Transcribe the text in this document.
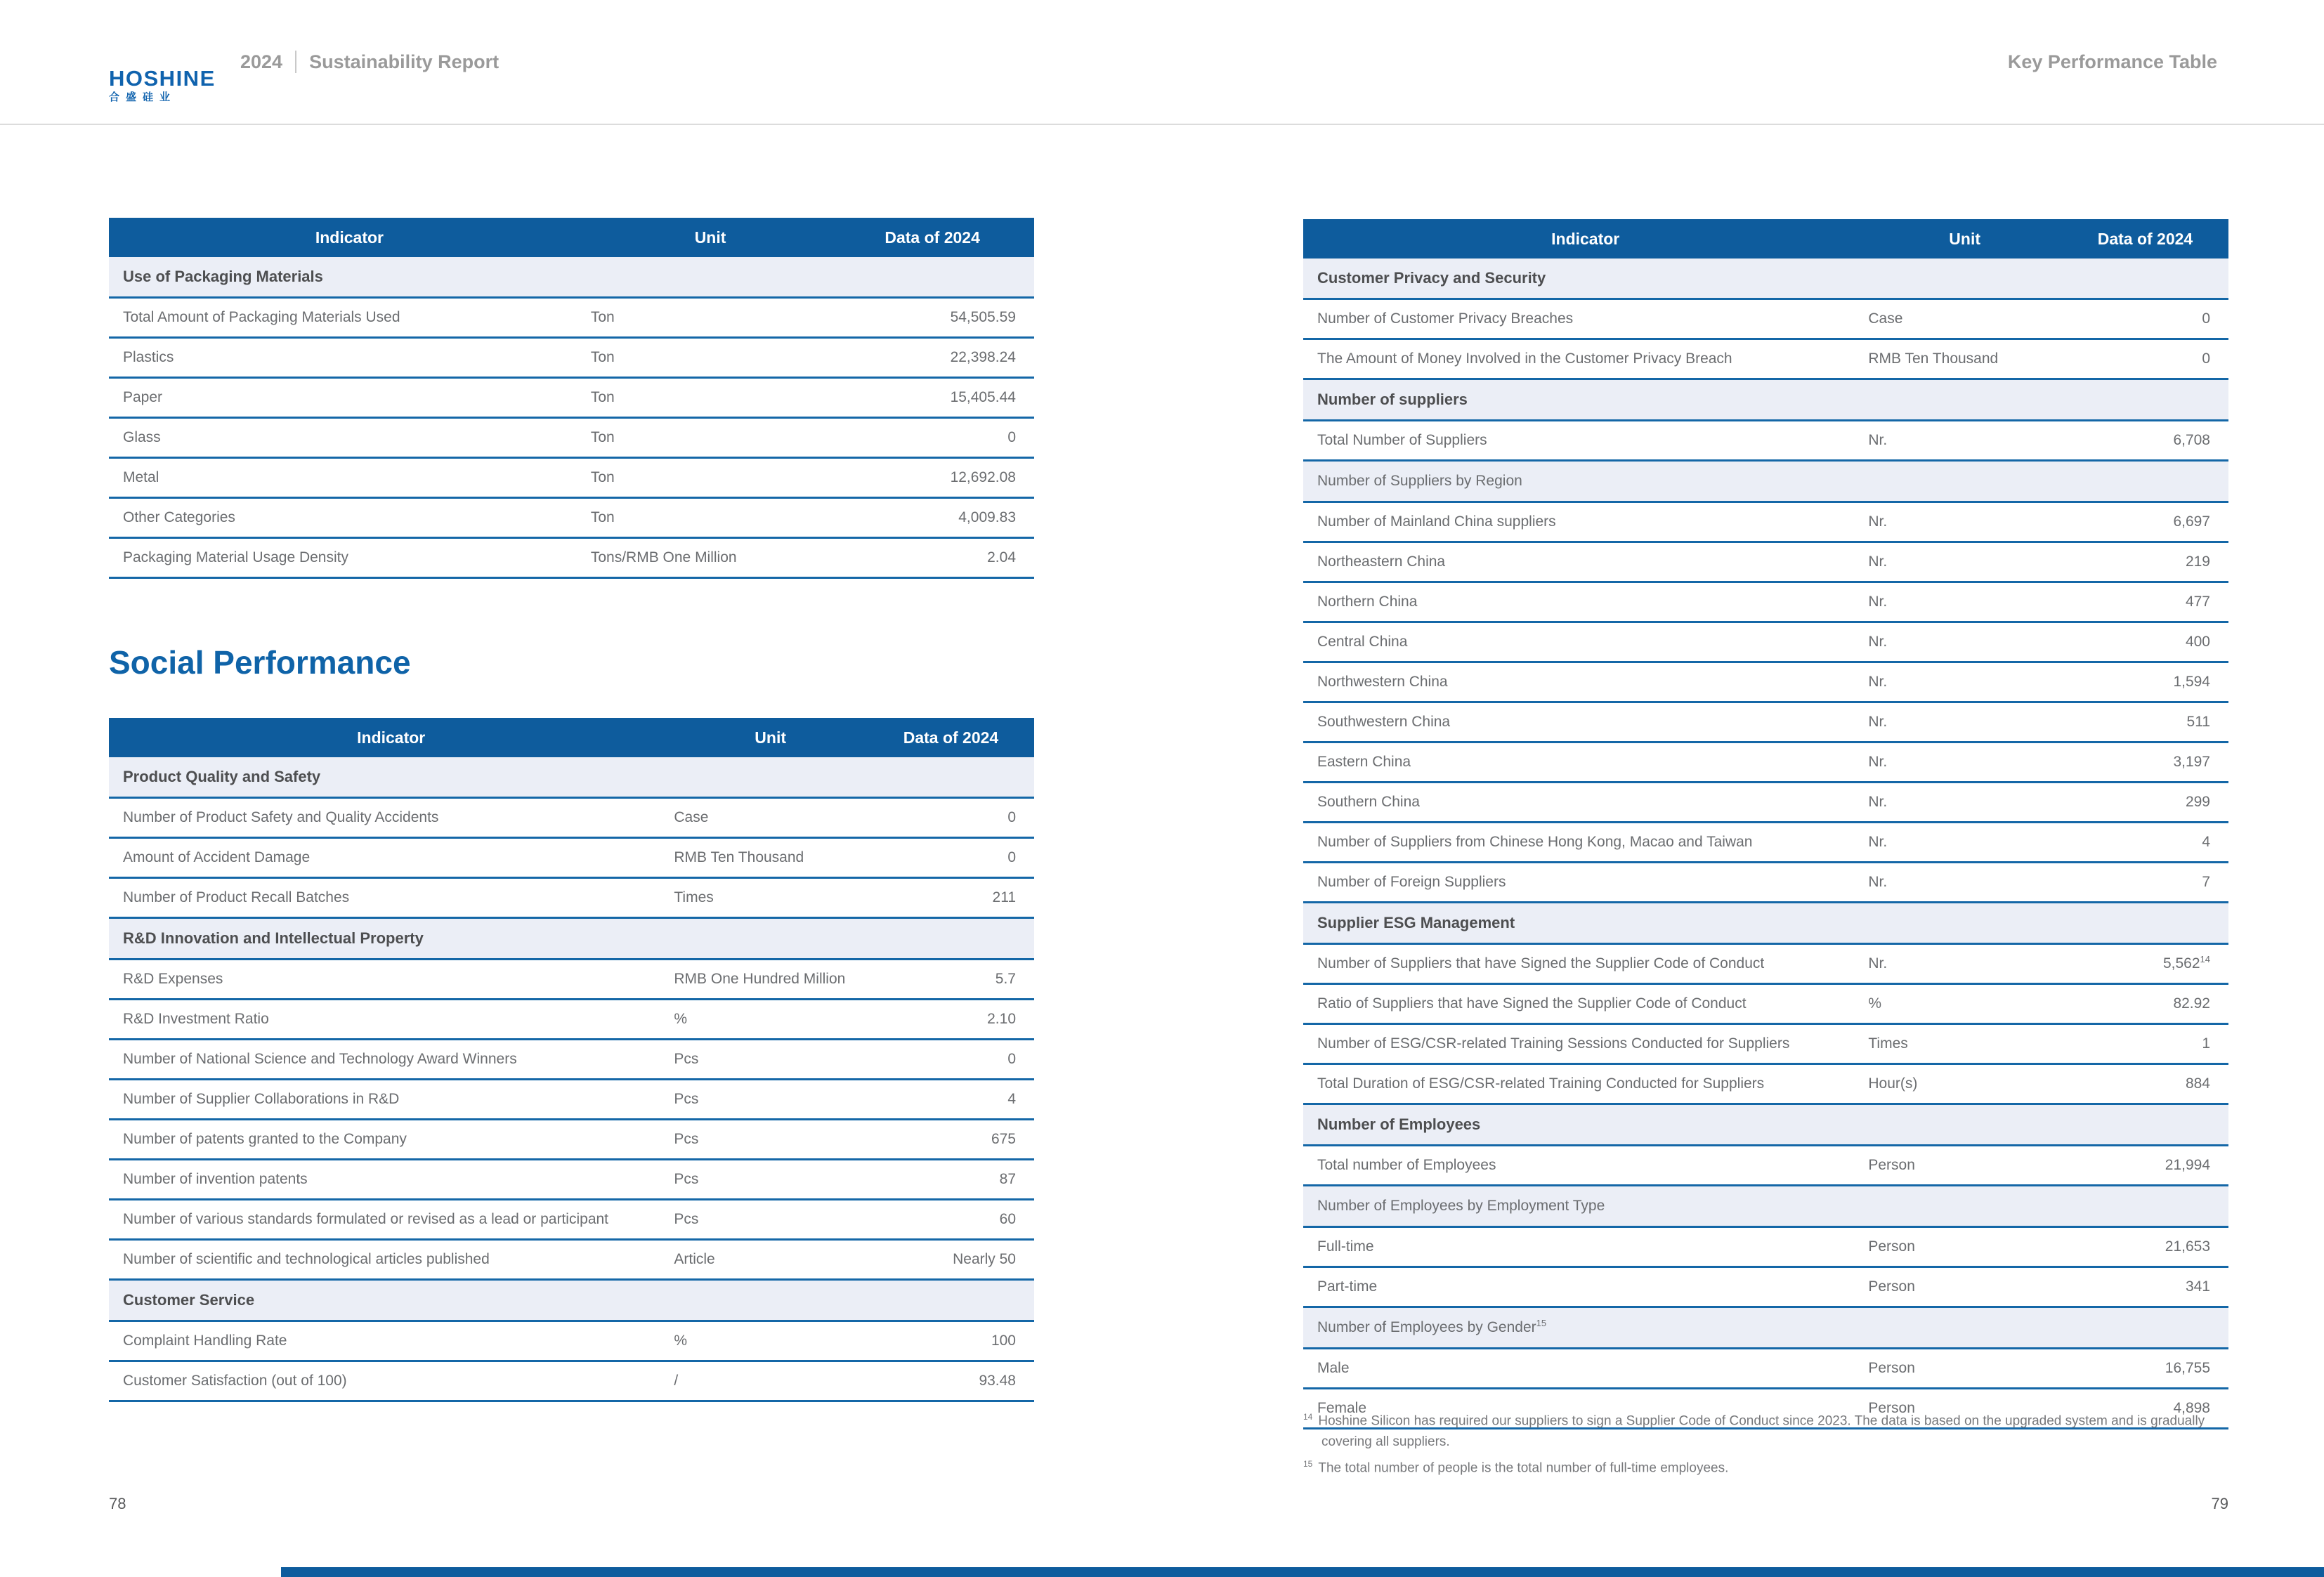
HOSHINE
合盛硅业
2024 Sustainability Report	Key Performance Table
Indicator	Unit	Data of 2024
Use of Packaging Materials		
Total Amount of Packaging Materials Used	Ton	54,505.59
Plastics	Ton	22,398.24
Paper	Ton	15,405.44
Glass	Ton	0
Metal	Ton	12,692.08
Other Categories	Ton	4,009.83
Packaging Material Usage Density	Tons/RMB One Million	2.04
Social Performance
Indicator	Unit	Data of 2024
Product Quality and Safety		
Number of Product Safety and Quality Accidents	Case	0
Amount of Accident Damage	RMB Ten Thousand	0
Number of Product Recall Batches	Times	211
R&D Innovation and Intellectual Property		
R&D Expenses	RMB One Hundred Million	5.7
R&D Investment Ratio	%	2.10
Number of National Science and Technology Award Winners	Pcs	0
Number of Supplier Collaborations in R&D	Pcs	4
Number of patents granted to the Company	Pcs	675
Number of invention patents	Pcs	87
Number of various standards formulated or revised as a lead or participant	Pcs	60
Number of scientific and technological articles published	Article	Nearly 50
Customer Service		
Complaint Handling Rate	%	100
Customer Satisfaction (out of 100)	/	93.48
Indicator	Unit	Data of 2024
Customer Privacy and Security		
Number of Customer Privacy Breaches	Case	0
The Amount of Money Involved in the Customer Privacy Breach	RMB Ten Thousand	0
Number of suppliers		
Total Number of Suppliers	Nr.	6,708
Number of Suppliers by Region		
Number of Mainland China suppliers	Nr.	6,697
Northeastern China	Nr.	219
Northern China	Nr.	477
Central China	Nr.	400
Northwestern China	Nr.	1,594
Southwestern China	Nr.	511
Eastern China	Nr.	3,197
Southern China	Nr.	299
Number of Suppliers from Chinese Hong Kong, Macao and Taiwan	Nr.	4
Number of Foreign Suppliers	Nr.	7
Supplier ESG Management		
Number of Suppliers that have Signed the Supplier Code of Conduct	Nr.	5,562$^{14}$
Ratio of Suppliers that have Signed the Supplier Code of Conduct	%	82.92
Number of ESG/CSR-related Training Sessions Conducted for Suppliers	Times	1
Total Duration of ESG/CSR-related Training Conducted for Suppliers	Hour(s)	884
Number of Employees		
Total number of Employees	Person	21,994
Number of Employees by Employment Type		
Full-time	Person	21,653
Part-time	Person	341
Number of Employees by Gender$^{15}$
Male	Person	16,755
Female	Person	4,898
$^{14}$ Hoshine Silicon has required our suppliers to sign a Supplier Code of Conduct since 2023. The data is based on the upgraded system and is gradually covering all suppliers.
$^{15}$ The total number of people is the total number of full-time employees.
78	79
